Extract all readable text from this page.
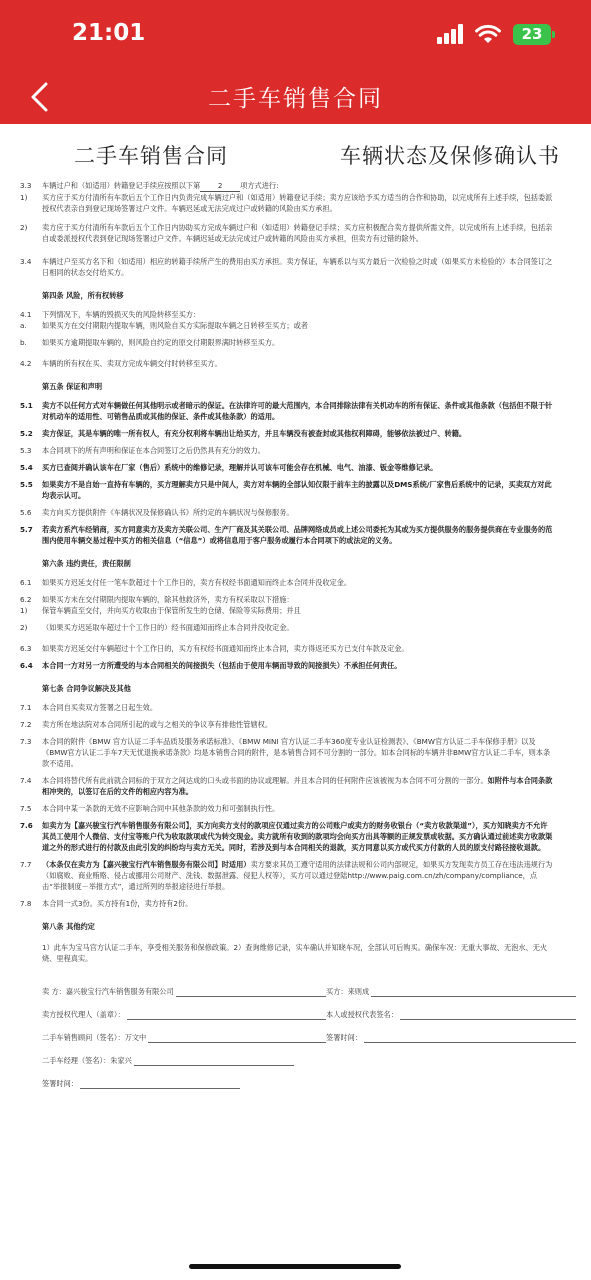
21:01	23
二手车销售合同
二手车销售合同	车辆状态及保修确认书
3.3	车辆过户和（如适用）转籍登记手续应按照以下第 2 项方式进行:
1)	买方应于买方付清所有车款后五个工作日内负责完成车辆过户和（如适用）转籍登记手续；卖方应该给予买方适当的合作和协助，以完成所有上述手续，包括委派授权代表亲自到登记现场签署过户文件。车辆迟延或无法完成过户或转籍的风险由买方承担。
2)	卖方应于买方付清所有车款后五个工作日内协助买方完成车辆过户和（如适用）转籍登记手续；买方应积极配合卖方提供所需文件，以完成所有上述手续，包括亲自或委派授权代表到登记现场签署过户文件。车辆迟延或无法完成过户或转籍的风险由买方承担，但卖方有过错的除外。
3.4	车辆过户至买方名下和（如适用）相应的转籍手续所产生的费用由买方承担。卖方保证，车辆系以与买方最后一次检验之时或（如果买方未检验的）本合同签订之日相同的状态交付给买方。
第四条 风险，所有权转移
4.1	下列情况下，车辆的毁损灭失的风险转移至买方：
a.	如果买方在交付期限内提取车辆，则风险自买方实际提取车辆之日转移至买方；或者
b.	如果买方逾期提取车辆的，则风险自约定的原交付期限界满时转移至买方。
4.2	车辆的所有权在买、卖双方完成车辆交付时转移至买方。
第五条 保证和声明
5.1	卖方不以任何方式对车辆做任何其他明示或者暗示的保证。在法律许可的最大范围内，本合同排除法律有关机动车的所有保证、条件或其他条款（包括但不限于针对机动车的适用性、可销售品质或其他的保证、条件或其他条款）的适用。
5.2	卖方保证，其是车辆的唯一所有权人，有充分权利将车辆出让给买方，并且车辆没有被查封或其他权利障碍，能够依法被过户、转籍。
5.3	本合同项下的所有声明和保证在本合同签订之后仍然具有充分的效力。
5.4	买方已查阅并确认该车在厂家（售后）系统中的维修记录，理解并认可该车可能会存在机械、电气、油漆、钣金等维修记录。
5.5	如果卖方不是自始一直持有车辆的，买方理解卖方只是中间人，卖方对车辆的全部认知仅限于前车主的披露以及DMS系统/厂家售后系统中的记录，买卖双方对此均表示认可。
5.6	卖方向买方提供附件《车辆状况及保修确认书》所约定的车辆状况与保修服务。
5.7	若卖方系汽车经销商，买方同意卖方及卖方关联公司、生产厂商及其关联公司、品牌网络成员或上述公司委托为其或为买方提供服务的服务提供商在专业服务的范围内使用车辆交易过程中买方的相关信息（“信息”）或将信息用于客户服务或履行本合同项下的或法定的义务。
第六条 违约责任，责任限制
6.1	如果买方迟延支付任一笔车款超过十个工作日的，卖方有权经书面通知而终止本合同并没收定金。
6.2	如果买方未在交付期限内提取车辆的，除其他救济外，卖方有权采取以下措施：
1)	保管车辆直至交付，并向买方收取由于保管所发生的仓储、保险等实际费用；并且
2)	（如果买方迟延取车超过十个工作日的）经书面通知而终止本合同并没收定金。
6.3	如果卖方迟延交付车辆超过十个工作日的，买方有权经书面通知而终止本合同，卖方得返还买方已支付车款及定金。
6.4	本合同一方对另一方所遭受的与本合同相关的间接损失（包括由于使用车辆而导致的间接损失）不承担任何责任。
第七条 合同争议解决及其他
7.1	本合同自买卖双方签署之日起生效。
7.2	卖方所在地法院对本合同所引起的或与之相关的争议享有排他性管辖权。
7.3	本合同的附件《BMW 官方认证二手车品质及服务承诺标准》、《BMW MINI 官方认证二手车360度专业认证检测表》、《BMW官方认证二手车保修手册》以及《BMW官方认证二手车7天无忧退换承诺条款》均是本销售合同的附件，是本销售合同不可分割的一部分。如本合同标的车辆并非BMW官方认证二手车，则本条款不适用。
7.4	本合同将替代所有此前就合同标的于双方之间达成的口头或书面的协议或理解。并且本合同的任何附件应该被视为本合同不可分割的一部分。如附件与本合同条款相冲突的，以签订在后的文件的相应内容为准。
7.5	本合同中某一条款的无效不应影响合同中其他条款的效力和可强制执行性。
7.6	如卖方为【嘉兴骏宝行汽车销售服务有限公司】，买方向卖方支付的款项应仅通过卖方的公司账户或卖方的财务收银台（“卖方收款渠道”），买方知晓卖方不允许其员工使用个人微信、支付宝等账户代为收取款项或代为转交现金。卖方就所有收到的款项均会向买方出具等额的正规发票或收据。买方确认通过前述卖方收款渠道之外的形式进行的付款及由此引发的纠纷均与卖方无关。同时，若涉及到与本合同相关的退款，买方同意以买方或代买方付款的人员的原支付路径接收退款。
7.7	（本条仅在卖方为【嘉兴骏宝行汽车销售服务有限公司】时适用）卖方要求其员工遵守适用的法律法规和公司内部规定，如果买方发现卖方员工存在违法违规行为（如腐败、商业贿赂、侵占或挪用公司财产、洗钱、数据泄露、侵犯人权等），买方可以通过登陆http://www.paig.com.cn/zh/company/compliance，点击“举报制度－举报方式”，通过所列的举报途径进行举报。
7.8	本合同一式3份。买方持有1份，卖方持有2份。
第八条 其他约定
1）此车为宝马官方认证二手车，享受相关服务和保修政策。2）查询维修记录，实车确认并知晓车况，全部认可后购买。确保车况：无重大事故、无泡水、无火烧、里程真实。
卖 方：嘉兴骏宝行汽车销售服务有限公司	买方：来则成
卖方授权代理人（盖章）：	本人或授权代表签名：
二手车销售顾问（签名）：万文中	签署时间：
二手车经理（签名）：朱家兴
签署时间：
